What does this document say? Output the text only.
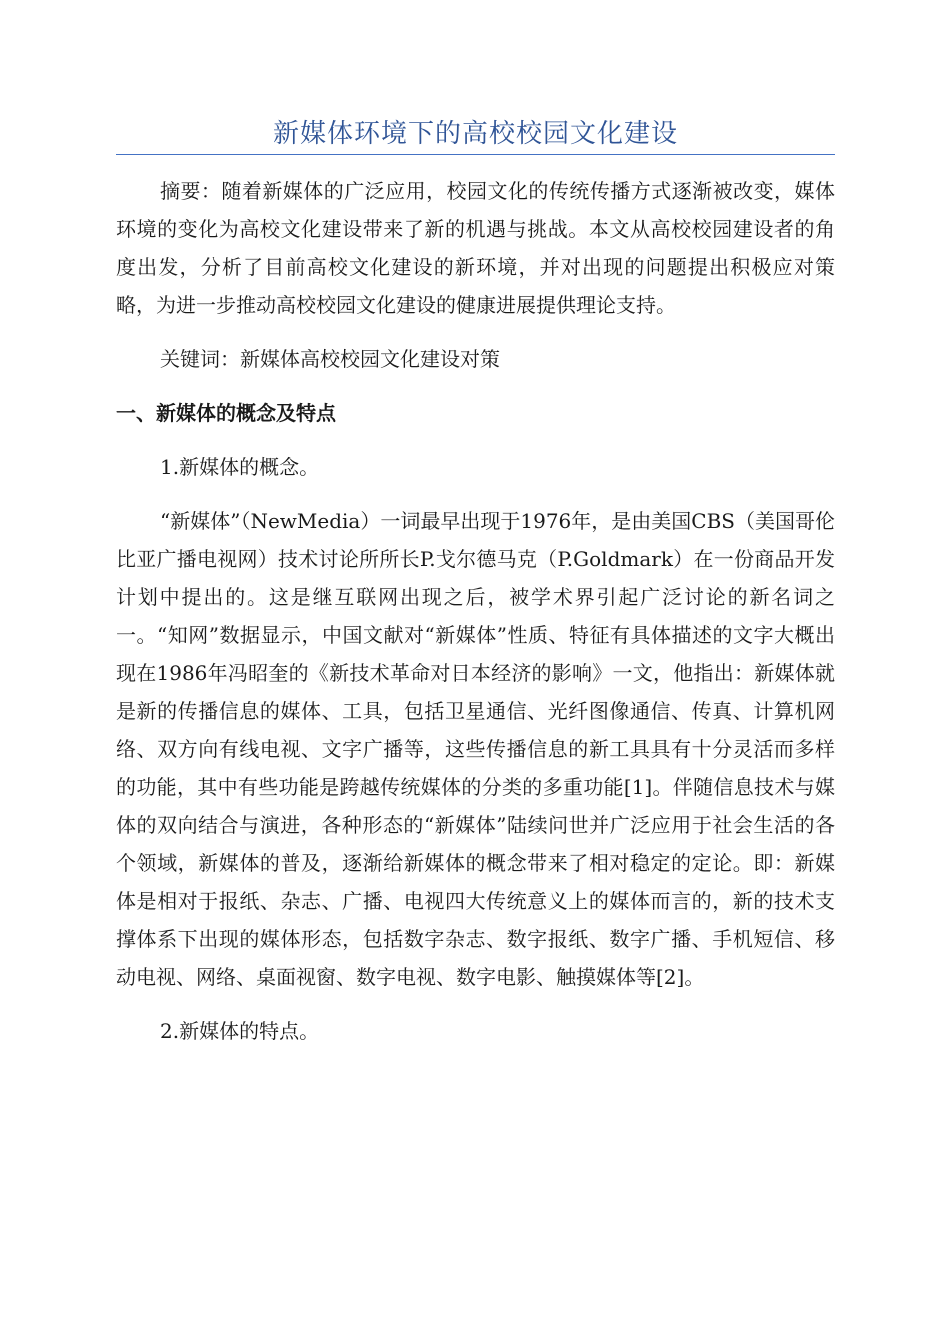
新媒体环境下的高校校园文化建设

摘要：随着新媒体的广泛应用，校园文化的传统传播方式逐渐被改变，媒体环境的变化为高校文化建设带来了新的机遇与挑战。本文从高校校园建设者的角度出发，分析了目前高校文化建设的新环境，并对出现的问题提出积极应对策略，为进一步推动高校校园文化建设的健康进展提供理论支持。

关键词：新媒体高校校园文化建设对策

一、新媒体的概念及特点

1.新媒体的概念。

“新媒体”（NewMedia）一词最早出现于1976年，是由美国CBS（美国哥伦比亚广播电视网）技术讨论所所长P.戈尔德马克（P.Goldmark）在一份商品开发计划中提出的。这是继互联网出现之后，被学术界引起广泛讨论的新名词之一。“知网”数据显示，中国文献对“新媒体”性质、特征有具体描述的文字大概出现在1986年冯昭奎的《新技术革命对日本经济的影响》一文，他指出：新媒体就是新的传播信息的媒体、工具，包括卫星通信、光纤图像通信、传真、计算机网络、双方向有线电视、文字广播等，这些传播信息的新工具具有十分灵活而多样的功能，其中有些功能是跨越传统媒体的分类的多重功能[1]。伴随信息技术与媒体的双向结合与演进，各种形态的“新媒体”陆续问世并广泛应用于社会生活的各个领域，新媒体的普及，逐渐给新媒体的概念带来了相对稳定的定论。即：新媒体是相对于报纸、杂志、广播、电视四大传统意义上的媒体而言的，新的技术支撑体系下出现的媒体形态，包括数字杂志、数字报纸、数字广播、手机短信、移动电视、网络、桌面视窗、数字电视、数字电影、触摸媒体等[2]。

2.新媒体的特点。
